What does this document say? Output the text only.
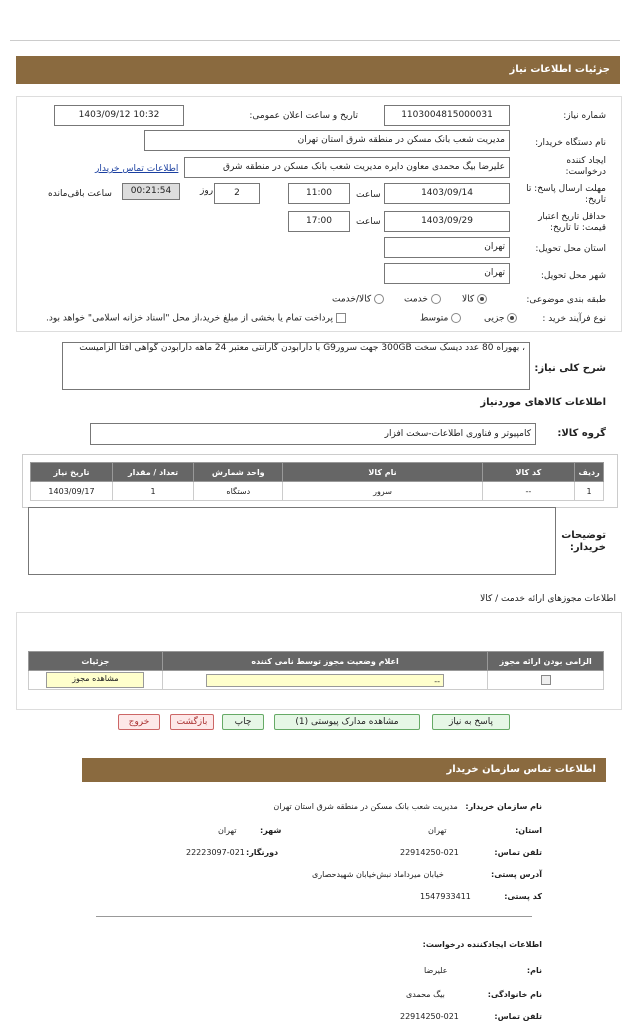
جزئیات اطلاعات نیاز
شماره نیاز:
1103004815000031
تاریخ و ساعت اعلان عمومی:
1403/09/12 10:32
نام دستگاه خریدار:
مدیریت شعب بانک مسکن در منطقه شرق استان تهران
ایجاد کننده درخواست:
علیرضا بیگ محمدی معاون دایره مدیریت شعب بانک مسکن در منطقه شرق
اطلاعات تماس خریدار
مهلت ارسال پاسخ: تا تاریخ:
1403/09/14
ساعت
11:00
روز	2
00:21:54
ساعت باقی‌مانده
حداقل تاریخ اعتبار قیمت: تا تاریخ:
1403/09/29
ساعت
17:00
استان محل تحویل:
تهران
شهر محل تحویل:
تهران
طبقه بندی موضوعی:
کالا
خدمت
کالا/خدمت
نوع فرآیند خرید :
جزیی
متوسط
پرداخت تمام یا بخشی از مبلغ خرید،از محل "اسناد خزانه اسلامی" خواهد بود.
شرح کلی نیاز:
، بهوراه 80 عدد دیسک سخت 300GB جهت سرورG9 با دارابودن گارانتی معتبر 24 ماهه دارابودن گواهی افتا الزامیست
اطلاعات کالاهای موردنیاز
گروه کالا:
کامپیوتر و فناوری اطلاعات-سخت افزار
ردیف	کد کالا	نام کالا	واحد شمارش	تعداد / مقدار	تاریخ نیاز
1	--	سرور	دستگاه	1	1403/09/17
توضیحات خریدار:
اطلاعات مجوزهای ارائه خدمت / کالا
الزامی بودن ارائه مجوز	اعلام وضعیت مجوز توسط نامی کننده	جزئیات

	--	مشاهده مجوز
پاسخ به نیاز
مشاهده مدارک پیوستی (1)
چاپ
بازگشت
خروج
اطلاعات تماس سازمان خریدار
نام سازمان خریدار:   مدیریت شعب بانک مسکن در منطقه شرق استان تهران
استان:
تهران
شهر:
تهران
تلفن تماس:
22914250-021
دورنگار:
22223097-021
آدرس پستی:
خیابان میرداماد نبش‌خیابان شهیدحصاری
کد پستی:
1547933411
اطلاعات ایجادکننده درخواست:
نام:
علیرضا
نام خانوادگی:
بیگ محمدی
تلفن تماس:
22914250-021
